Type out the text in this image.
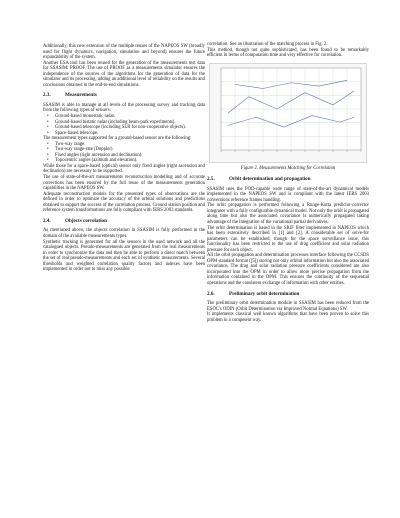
Additionally, this new extension of the multiple reuses of the NAPEOS SW (broadly used for flight dynamics, navigation, simulation and beyond) ensures the future expandability of the system.

Another ESA tool has been reused for the generation of the measurements test data for SSASIM: PROOF. The use of PROOF as a measurements simulator ensures the independence of the sources of the algorithms for the generation of data for the simulator and its processing, adding an additional level of reliability on the results and conclusions obtained in the end-to-end simulations.

2.3.	Measurements

SSASIM is able to manage at all levels of the processing survey and tracking data from the following types of sensors:

• Ground-based monostatic radar.
• Ground-based bistatic radar (including beam-park experiments).
• Ground-based telescope (including SLR for non-cooperative objects).
• Space-based telescope.

The measurement types supported for a ground-based sensor are the following:

• Two-way range.
• Two-way range-rate (Doppler).
• Fixed angles (right ascension and declination).
• Topocentric angles (azimuth and elevation).

While those for a space-based (optical) sensor only fixed angles (right ascension and declination) are necessary to be supported.

The use of state-of-the-art measurements reconstruction modelling and of accurate corrections has been ensured by the full reuse of the measurements generation capabilities in the NAPEOS SW.

Adequate reconstruction models for the presented types of observations are the defined in order to optimize the accuracy of the orbital solutions and predictions obtained to support the success of the correlation process. Ground station position and reference system transformations are fully compliant with IERS 2003 standards.

2.4.	Objects correlation

As mentioned above, the objects correlation in SSASIM is fully performed in the domain of the available measurements types.

Synthetic tracking is generated for all the sensors in the used network and all the catalogued objects. Pseudo-measurements are generated from the real measurements in order to synchronize the data and then be able to perform a direct match between the set of real pseudo-measurements and each set of synthetic measurements. Several thresholds and weighted correlation quality factors and indexes have been implemented in order not to miss any possible

correlation. See an illustration of the matching process in Fig. 2.

This method, though not quite sophisticated, has been found to be remarkably efficient in terms of computation time and very effective for correlation.

Figure 2. Measurements Matching for Correlation

2.5.	Orbit determination and propagation

SSASIM uses the POD-capable wide range of state-of-the-art dynamical models implemented in the NAPEOS SW and is compliant with the latest IERS 2003 conventions reference frames handling.

The orbit propagation is performed following a Runge-Kutta predictor-corrector integrator with a fully configurable dynamical model. Not only the orbit is propagated along time but also the associated covariance is numerically propagated taking advantage of the integration of the variational partial derivatives.

The orbit determination is based in the SRIF filter implemented in NAPEOS which has been extensively described in [1] and [2]. A considerable set of solve-for parameters can be established, though for the space surveillance issue, this functionality has been restricted to the use of drag coefficient and solar radiation pressure for each object.

All the orbit propagation and determination processes interface following the CCSDS OPM standard format ([5]) storing not only orbital information but also the associated covariance. The drag and solar radiation pressure coefficients considered are also incorporated into the OPM in order to allow more precise propagation from the information contained in the OPM. This ensures the continuity of the sequential operations and the consistent exchange of information with other entities.

2.6.	Preliminary orbit determination

The preliminary orbit determination module in SSASIM has been reduced from the ESOC's ODIN (Orbit Determination via Improved Normal Equations) SW.

It implements classical well known algorithms that have been proven to solve this problem in a competent way.
